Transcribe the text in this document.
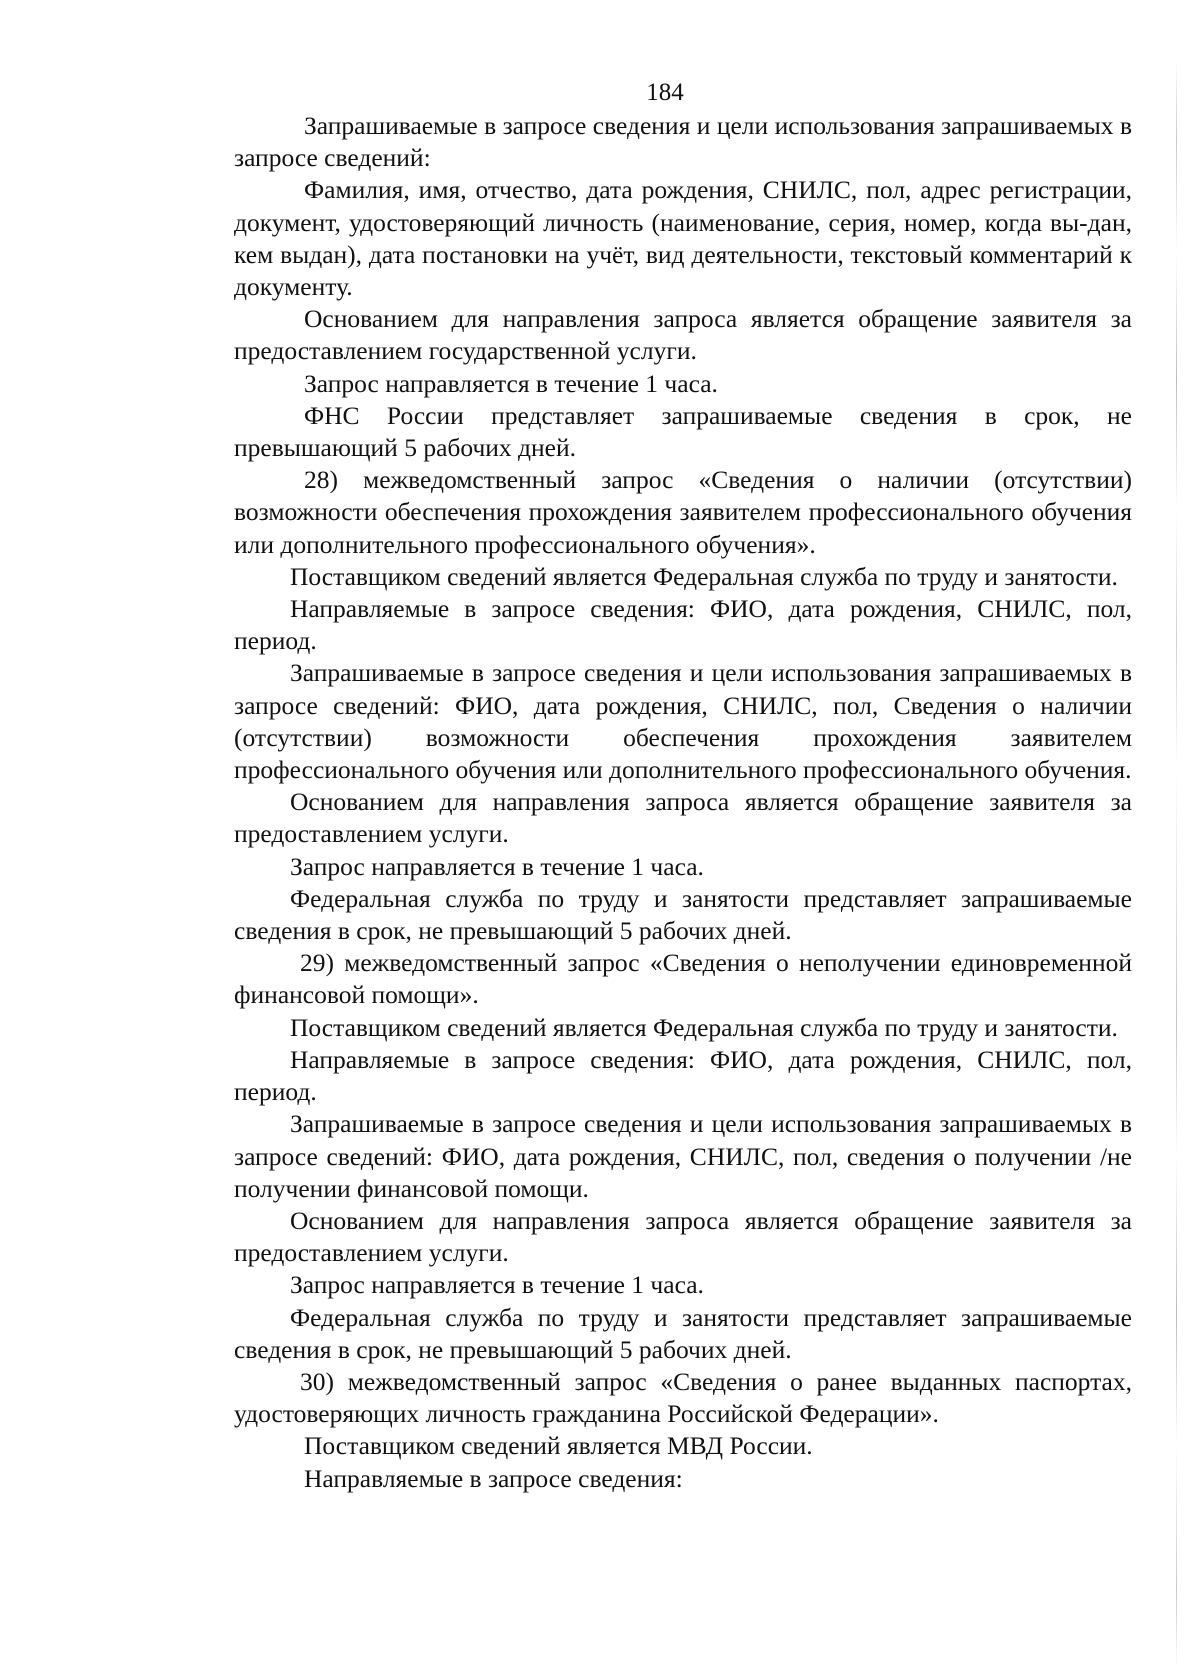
184

Запрашиваемые в запросе сведения и цели использования запрашиваемых в запросе сведений:

Фамилия, имя, отчество, дата рождения, СНИЛС, пол, адрес регистрации, документ, удостоверяющий личность (наименование, серия, номер, когда вы-дан, кем выдан), дата постановки на учёт, вид деятельности, текстовый комментарий к документу.

Основанием для направления запроса является обращение заявителя за предоставлением государственной услуги.

Запрос направляется в течение 1 часа.

ФНС России представляет запрашиваемые сведения в срок, не превышающий 5 рабочих дней.

28) межведомственный запрос «Сведения о наличии (отсутствии) возможности обеспечения прохождения заявителем профессионального обучения или дополнительного профессионального обучения».

Поставщиком сведений является Федеральная служба по труду и занятости.

Направляемые в запросе сведения: ФИО, дата рождения, СНИЛС, пол, период.

Запрашиваемые в запросе сведения и цели использования запрашиваемых в запросе сведений: ФИО, дата рождения, СНИЛС, пол, Сведения о наличии (отсутствии) возможности обеспечения прохождения заявителем профессионального обучения или дополнительного профессионального обучения.

Основанием для направления запроса является обращение заявителя за предоставлением услуги.

Запрос направляется в течение 1 часа.

Федеральная служба по труду и занятости представляет запрашиваемые сведения в срок, не превышающий 5 рабочих дней.

29) межведомственный запрос «Сведения о неполучении единовременной финансовой помощи».

Поставщиком сведений является Федеральная служба по труду и занятости.

Направляемые в запросе сведения: ФИО, дата рождения, СНИЛС, пол, период.

Запрашиваемые в запросе сведения и цели использования запрашиваемых в запросе сведений: ФИО, дата рождения, СНИЛС, пол, сведения о получении /не получении финансовой помощи.

Основанием для направления запроса является обращение заявителя за предоставлением услуги.

Запрос направляется в течение 1 часа.

Федеральная служба по труду и занятости представляет запрашиваемые сведения в срок, не превышающий 5 рабочих дней.

30) межведомственный запрос «Сведения о ранее выданных паспортах, удостоверяющих личность гражданина Российской Федерации».

Поставщиком сведений является МВД России.

Направляемые в запросе сведения:
